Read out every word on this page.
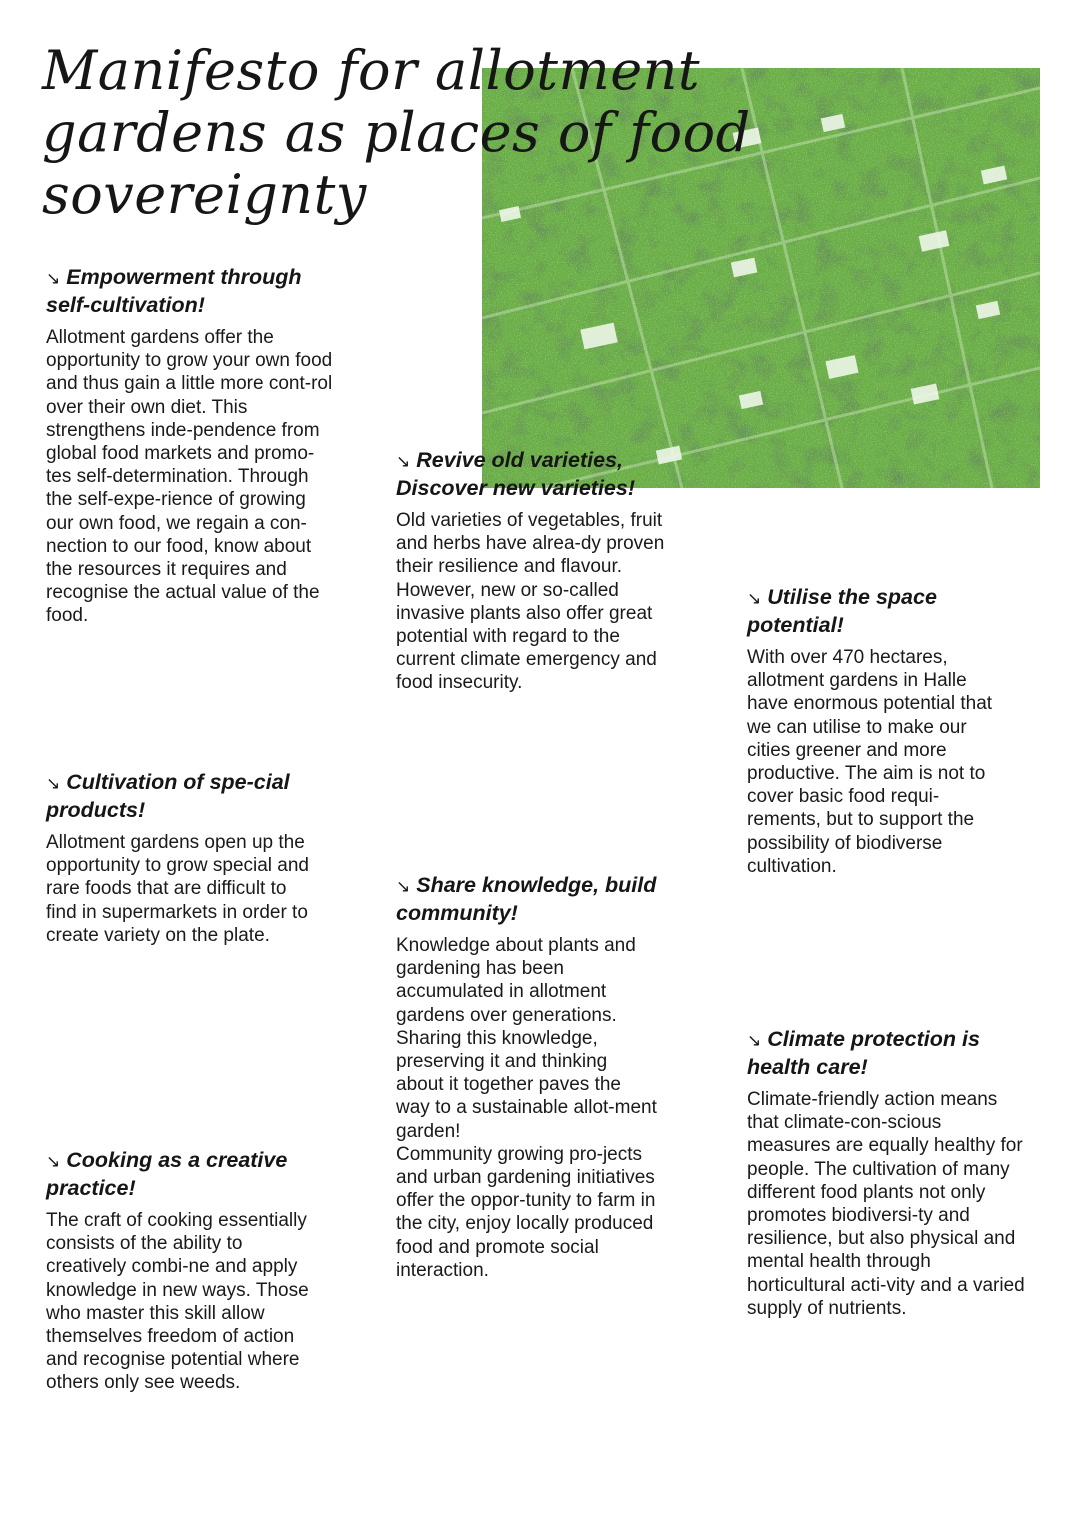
Manifesto for allotment gardens as places of food sovereignty
↘ Empowerment through self-cultivation!

Allotment gardens offer the opportunity to grow your own food and thus gain a little more cont-rol over their own diet. This strengthens inde-pendence from global food markets and promo-tes self-determination. Through the self-expe-rience of growing our own food, we regain a con-nection to our food, know about the resources it requires and recognise the actual value of the food.

↘ Cultivation of spe-cial products!

Allotment gardens open up the opportunity to grow special and rare foods that are difficult to find in supermarkets in order to create variety on the plate.

↘ Cooking as a creative practice!

The craft of cooking essentially consists of the ability to creatively combi-ne and apply knowledge in new ways. Those who master this skill allow themselves freedom of action and recognise potential where others only see weeds.

↘ Revive old varieties, Discover new varieties!

Old varieties of vegetables, fruit and herbs have alrea-dy proven their resilience and flavour. However, new or so-called invasive plants also offer great potential with regard to the current climate emergency and food insecurity.

↘ Share knowledge, build community!

Knowledge about plants and gardening has been accumulated in allotment gardens over generations. Sharing this knowledge, preserving it and thinking about it together paves the way to a sustainable allot-ment garden!
Community growing pro-jects and urban gardening initiatives offer the oppor-tunity to farm in the city, enjoy locally produced food and promote social interaction.

↘ Utilise the space potential!

With over 470 hectares, allotment gardens in Halle have enormous potential that we can utilise to make our cities greener and more productive. The aim is not to cover basic food requi-rements, but to support the possibility of biodiverse cultivation.

↘ Climate protection is health care!

Climate-friendly action means that climate-con-scious measures are equally healthy for people. The cultivation of many different food plants not only promotes biodiversi-ty and resilience, but also physical and mental health through horticultural acti-vity and a varied supply of nutrients.
